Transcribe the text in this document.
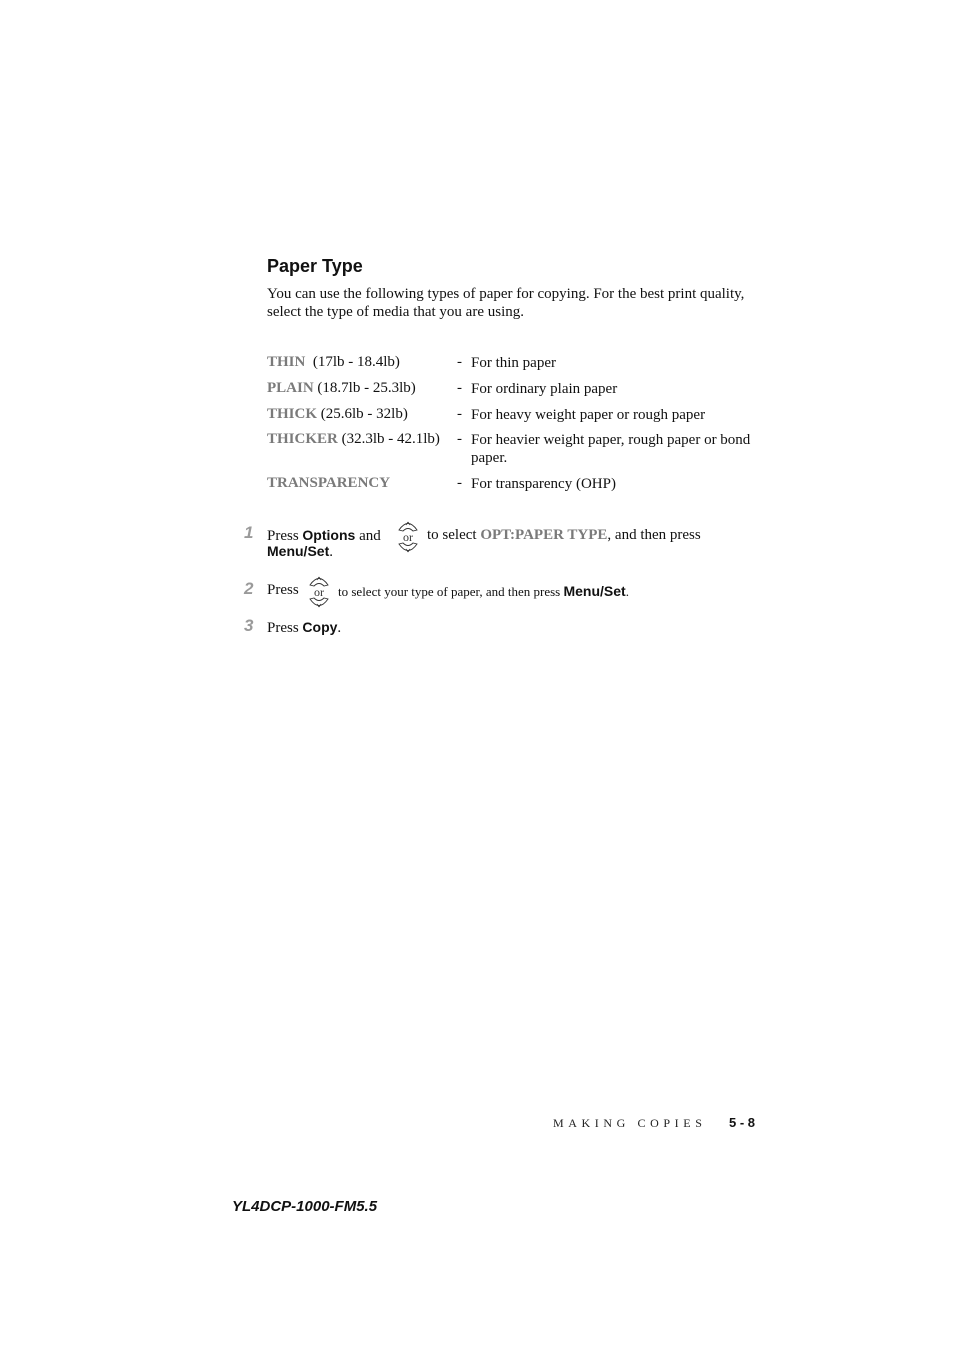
Paper Type
You can use the following types of paper for copying. For the best print quality, select the type of media that you are using.
THIN (17lb - 18.4lb)	- For thin paper
PLAIN (18.7lb - 25.3lb)	- For ordinary plain paper
THICK (25.6lb - 32lb)	- For heavy weight paper or rough paper
THICKER (32.3lb - 42.1lb) - For heavier weight paper, rough paper or bond
paper.
TRANSPARENCY	- For transparency (OHP)
1 Press Options and or to select OPT:PAPER TYPE, and then press
Menu/Set.
2 Press or to select your type of paper, and then press Menu/Set.
3 Press Copy.
MAKING COPIES 5 - 8
YL4DCP-1000-FM5.5
